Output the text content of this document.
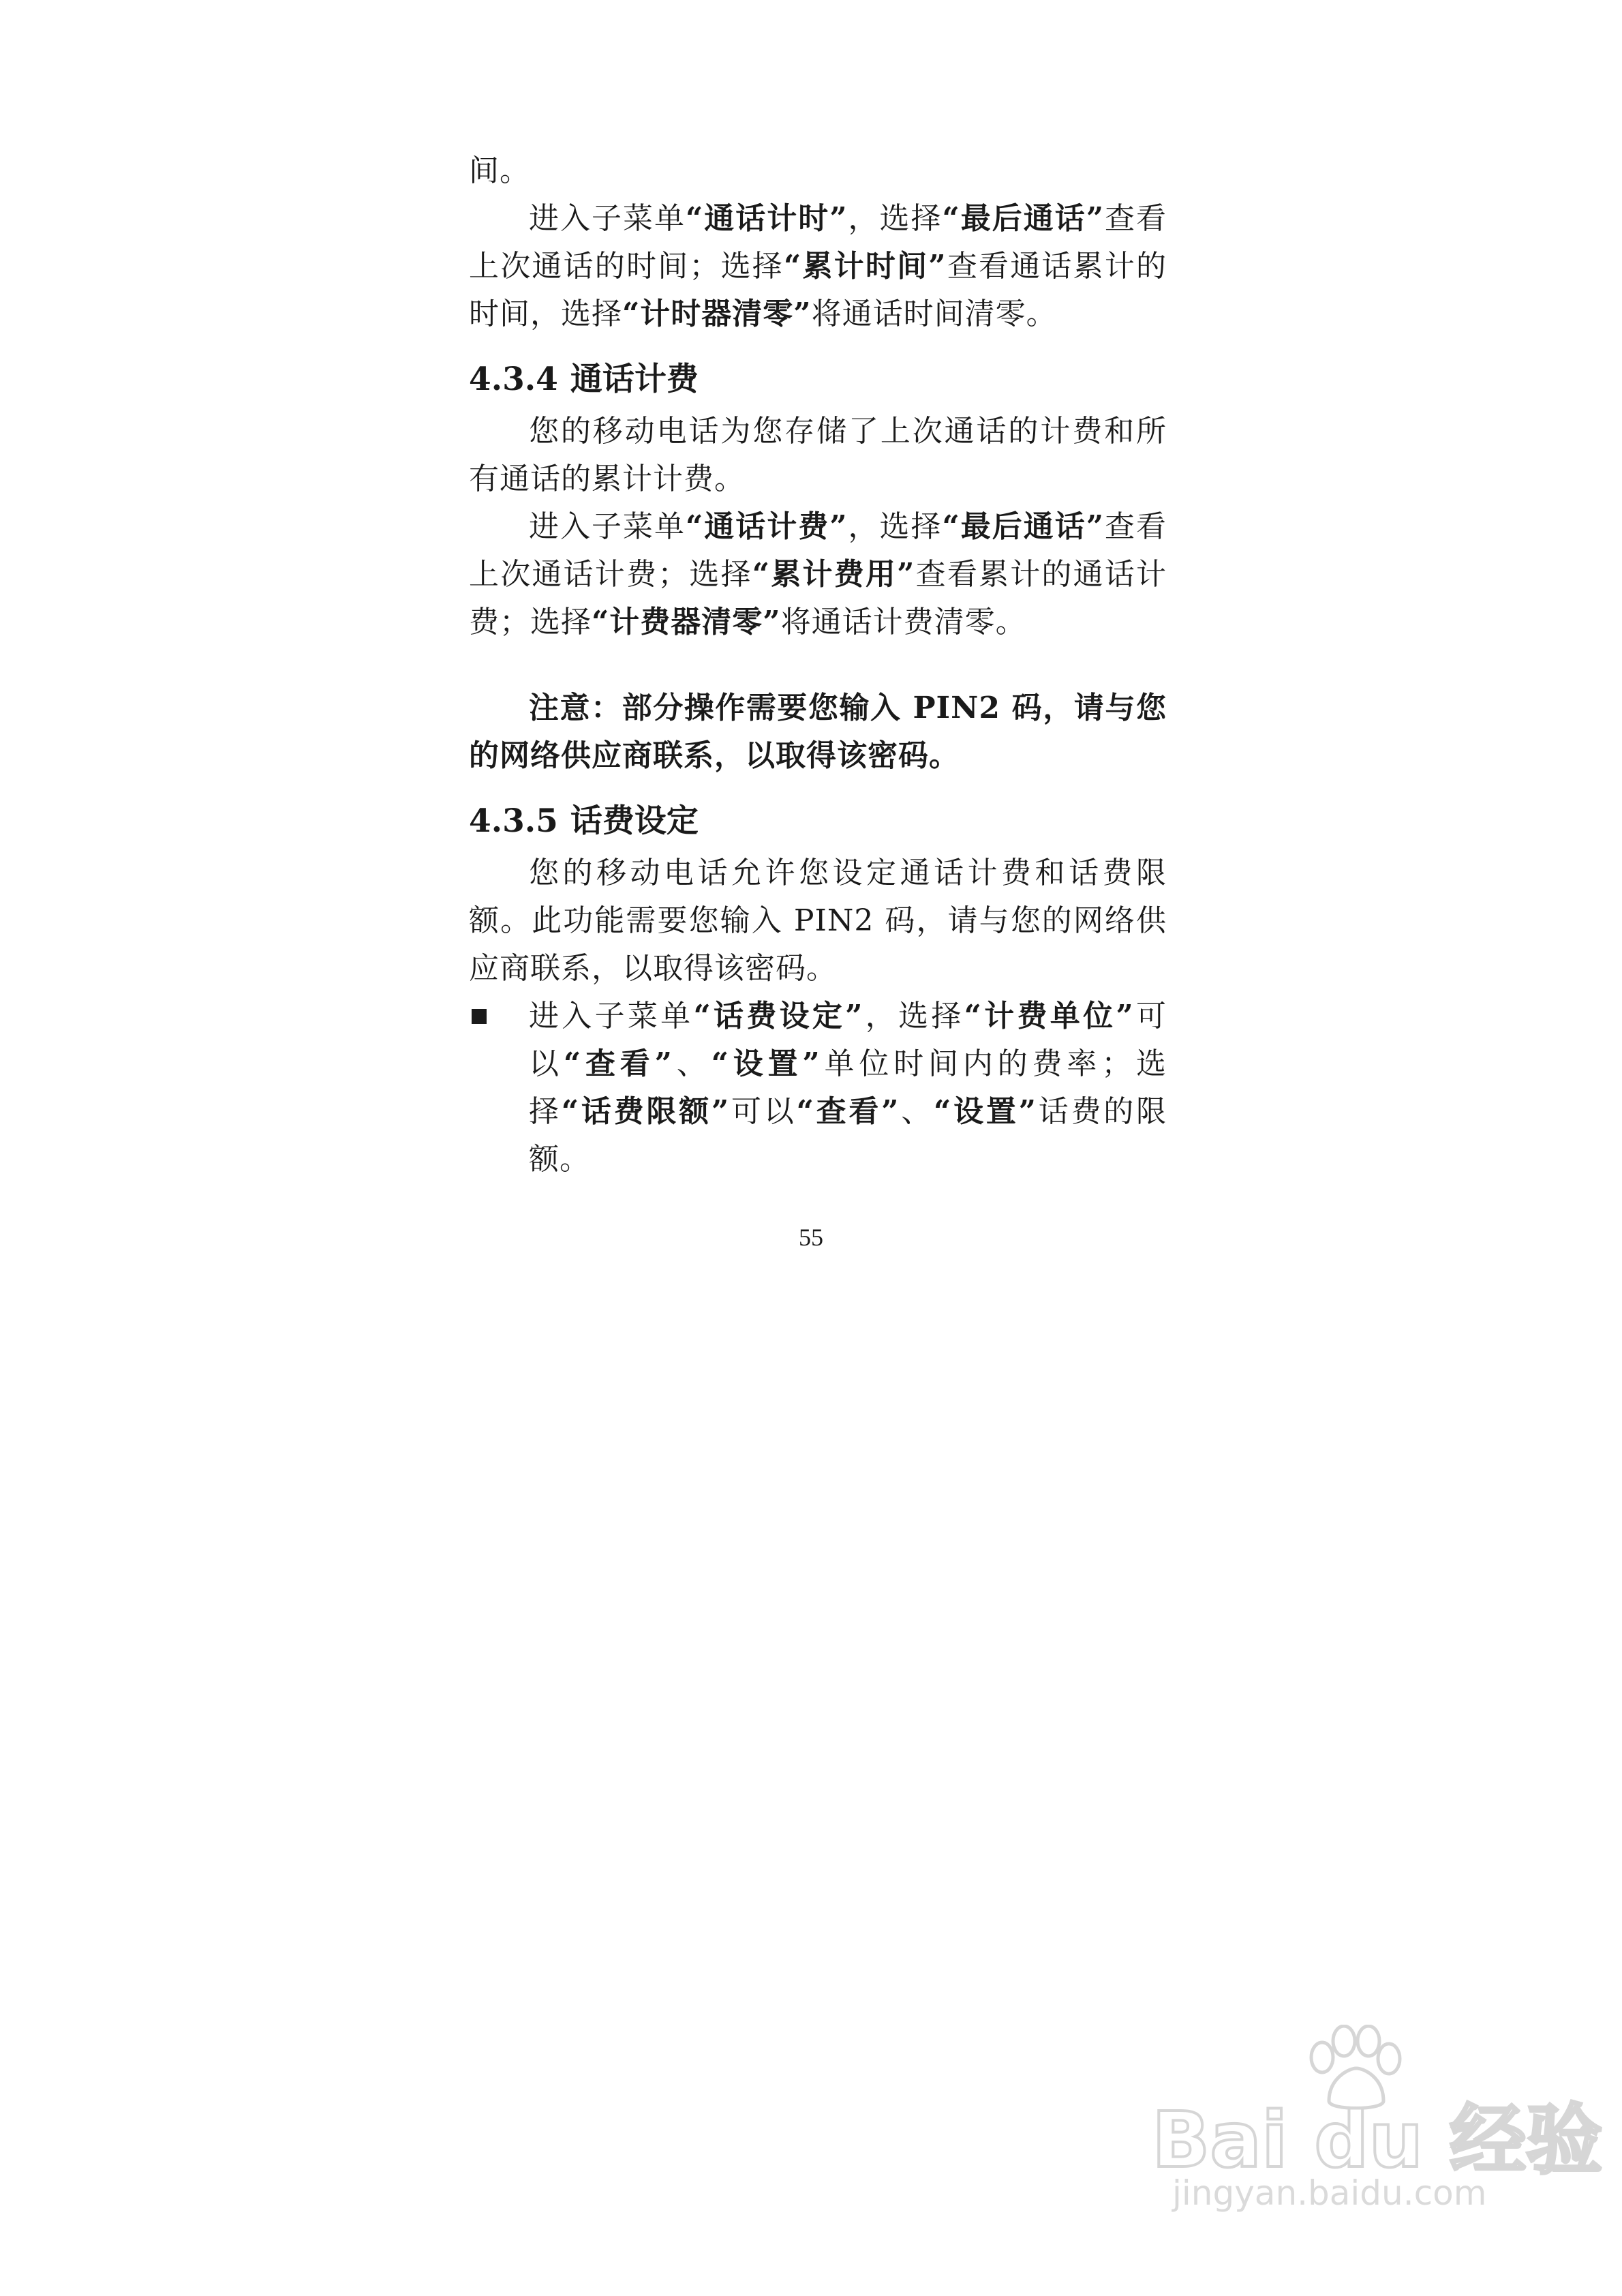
间。

进入子菜单“通话计时”，选择“最后通话”查看上次通话的时间；选择“累计时间”查看通话累计的时间，选择“计时器清零”将通话时间清零。

4.3.4 通话计费

您的移动电话为您存储了上次通话的计费和所有通话的累计计费。

进入子菜单“通话计费”，选择“最后通话”查看上次通话计费；选择“累计费用”查看累计的通话计费；选择“计费器清零”将通话计费清零。

注意：部分操作需要您输入 PIN2 码，请与您的网络供应商联系，以取得该密码。

4.3.5 话费设定

您的移动电话允许您设定通话计费和话费限额。此功能需要您输入 PIN2 码，请与您的网络供应商联系，以取得该密码。

进入子菜单“话费设定”，选择“计费单位”可以“查看”、“设置”单位时间内的费率；选择“话费限额”可以“查看”、“设置”话费的限额。

55
Bai du 经验
jingyan.baidu.com
